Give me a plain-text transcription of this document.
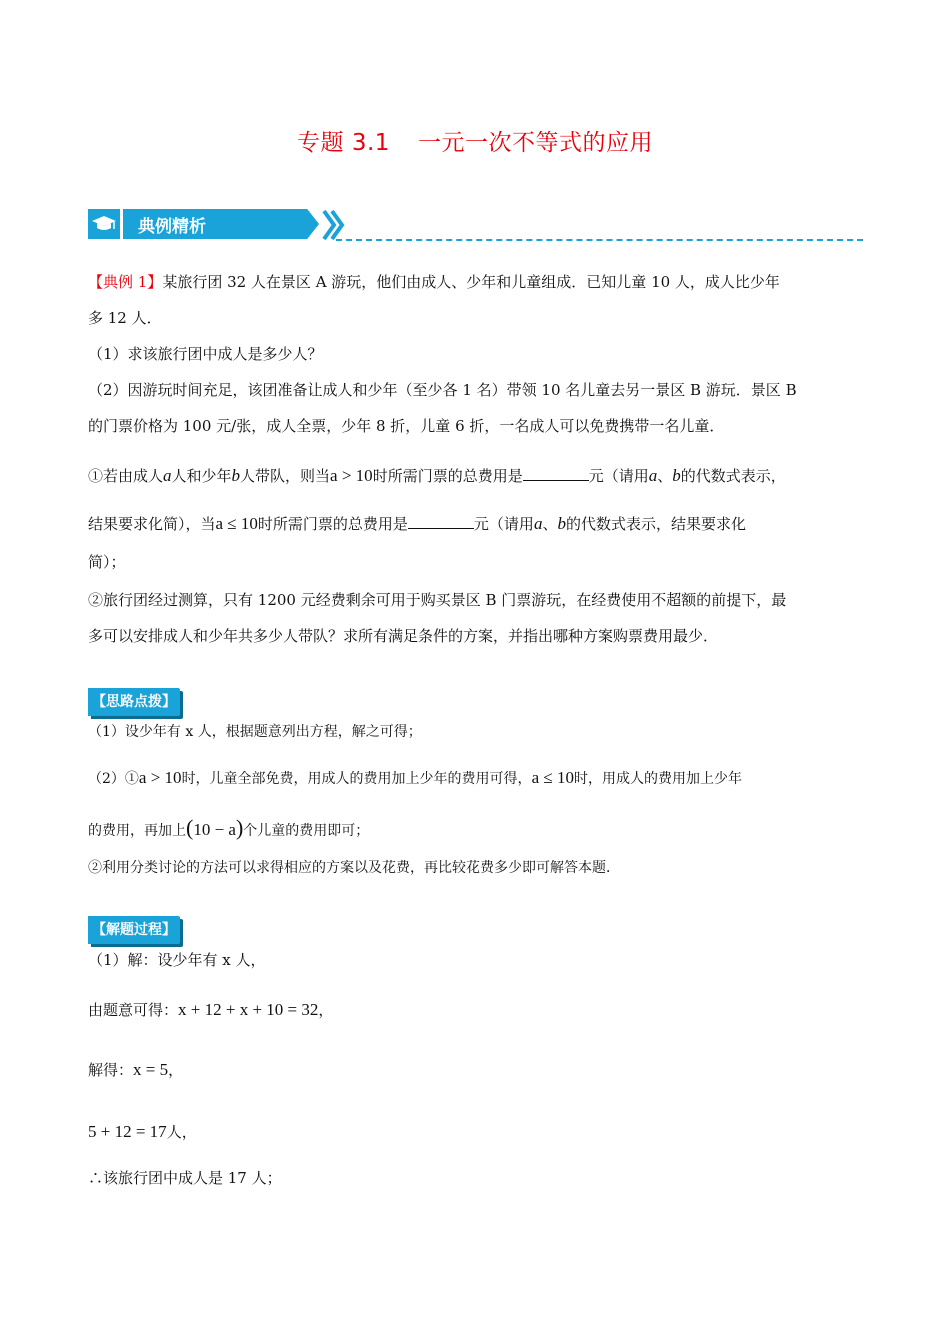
专题 3.1 一元一次不等式的应用
典例精析
【典例 1】某旅行团 32 人在景区 A 游玩，他们由成人、少年和儿童组成．已知儿童 10 人，成人比少年
多 12 人．
（1）求该旅行团中成人是多少人？
（2）因游玩时间充足，该团准备让成人和少年（至少各 1 名）带领 10 名儿童去另一景区 B 游玩．景区 B
的门票价格为 100 元/张，成人全票，少年 8 折，儿童 6 折，一名成人可以免费携带一名儿童．
①若由成人a人和少年b人带队，则当a > 10时所需门票的总费用是	元（请用a、b的代数式表示，
结果要求化简），当a ≤ 10时所需门票的总费用是	元（请用a、b的代数式表示，结果要求化
简）；
②旅行团经过测算，只有 1200 元经费剩余可用于购买景区 B 门票游玩，在经费使用不超额的前提下，最
多可以安排成人和少年共多少人带队？求所有满足条件的方案，并指出哪种方案购票费用最少．
【思路点拨】
（1）设少年有 x 人，根据题意列出方程，解之可得；
（2）①a > 10时，儿童全部免费，用成人的费用加上少年的费用可得，a ≤ 10时，用成人的费用加上少年
的费用，再加上(10 − a)个儿童的费用即可；
②利用分类讨论的方法可以求得相应的方案以及花费，再比较花费多少即可解答本题．
【解题过程】
（1）解：设少年有 x 人，
由题意可得：x + 12 + x + 10 = 32，
解得：x = 5，
5 + 12 = 17人，
∴该旅行团中成人是 17 人；
